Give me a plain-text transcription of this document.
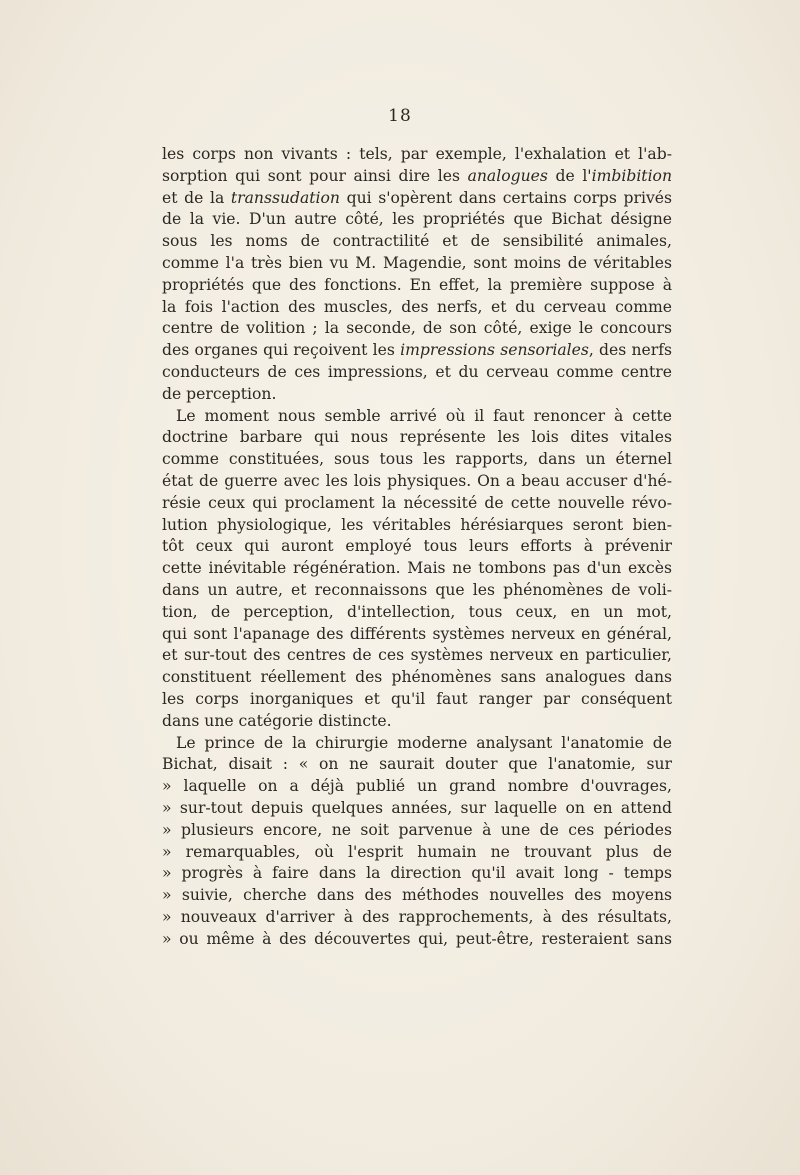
18
les corps non vivants : tels, par exemple, l'exhalation et l'ab-
sorption qui sont pour ainsi dire les analogues de l'imbibition
et de la transsudation qui s'opèrent dans certains corps privés
de la vie. D'un autre côté, les propriétés que Bichat désigne
sous les noms de contractilité et de sensibilité animales,
comme l'a très bien vu M. Magendie, sont moins de véritables
propriétés que des fonctions. En effet, la première suppose à
la fois l'action des muscles, des nerfs, et du cerveau comme
centre de volition ; la seconde, de son côté, exige le concours
des organes qui reçoivent les impressions sensoriales, des nerfs
conducteurs de ces impressions, et du cerveau comme centre
de perception.
Le moment nous semble arrivé où il faut renoncer à cette
doctrine barbare qui nous représente les lois dites vitales
comme constituées, sous tous les rapports, dans un éternel
état de guerre avec les lois physiques. On a beau accuser d'hé-
résie ceux qui proclament la nécessité de cette nouvelle révo-
lution physiologique, les véritables hérésiarques seront bien-
tôt ceux qui auront employé tous leurs efforts à prévenir
cette inévitable régénération. Mais ne tombons pas d'un excès
dans un autre, et reconnaissons que les phénomènes de voli-
tion, de perception, d'intellection, tous ceux, en un mot,
qui sont l'apanage des différents systèmes nerveux en général,
et sur-tout des centres de ces systèmes nerveux en particulier,
constituent réellement des phénomènes sans analogues dans
les corps inorganiques et qu'il faut ranger par conséquent
dans une catégorie distincte.
Le prince de la chirurgie moderne analysant l'anatomie de
Bichat, disait : « on ne saurait douter que l'anatomie, sur
» laquelle on a déjà publié un grand nombre d'ouvrages,
» sur-tout depuis quelques années, sur laquelle on en attend
» plusieurs encore, ne soit parvenue à une de ces périodes
» remarquables, où l'esprit humain ne trouvant plus de
» progrès à faire dans la direction qu'il avait long - temps
» suivie, cherche dans des méthodes nouvelles des moyens
» nouveaux d'arriver à des rapprochements, à des résultats,
» ou même à des découvertes qui, peut-être, resteraient sans
